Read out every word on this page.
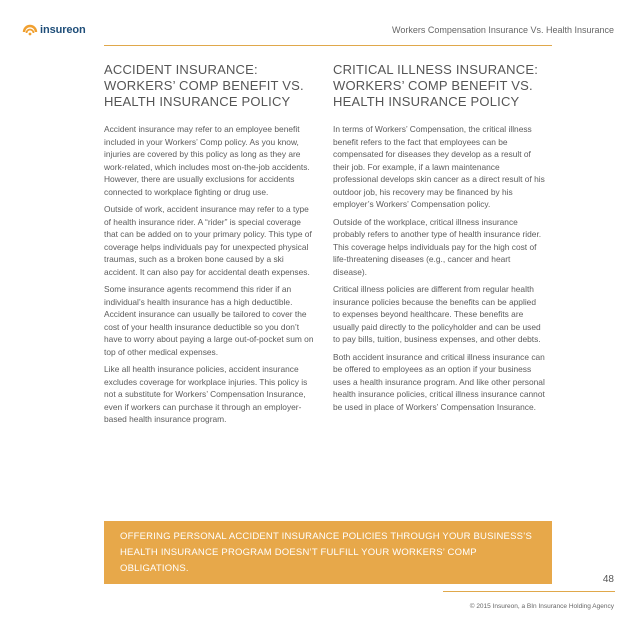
insureon	Workers Compensation Insurance Vs. Health Insurance
ACCIDENT INSURANCE: WORKERS’ COMP BENEFIT VS. HEALTH INSURANCE POLICY

Accident insurance may refer to an employee benefit included in your Workers’ Comp policy. As you know, injuries are covered by this policy as long as they are work-related, which includes most on-the-job accidents. However, there are usually exclusions for accidents connected to workplace fighting or drug use.

Outside of work, accident insurance may refer to a type of health insurance rider. A “rider” is special coverage that can be added on to your primary policy. This type of coverage helps individuals pay for unexpected physical traumas, such as a broken bone caused by a ski accident. It can also pay for accidental death expenses.

Some insurance agents recommend this rider if an individual’s health insurance has a high deductible. Accident insurance can usually be tailored to cover the cost of your health insurance deductible so you don’t have to worry about paying a large out-of-pocket sum on top of other medical expenses.

Like all health insurance policies, accident insurance excludes coverage for workplace injuries. This policy is not a substitute for Workers’ Compensation Insurance, even if workers can purchase it through an employer-based health insurance program.

CRITICAL ILLNESS INSURANCE: WORKERS’ COMP BENEFIT VS. HEALTH INSURANCE POLICY

In terms of Workers’ Compensation, the critical illness benefit refers to the fact that employees can be compensated for diseases they develop as a result of their job. For example, if a lawn maintenance professional develops skin cancer as a direct result of his outdoor job, his recovery may be financed by his employer’s Workers’ Compensation policy.

Outside of the workplace, critical illness insurance probably refers to another type of health insurance rider. This coverage helps individuals pay for the high cost of life-threatening diseases (e.g., cancer and heart disease).

Critical illness policies are different from regular health insurance policies because the benefits can be applied to expenses beyond healthcare. These benefits are usually paid directly to the policyholder and can be used to pay bills, tuition, business expenses, and other debts.

Both accident insurance and critical illness insurance can be offered to employees as an option if your business uses a health insurance program. And like other personal health insurance policies, critical illness insurance cannot be used in place of Workers’ Compensation Insurance.

OFFERING PERSONAL ACCIDENT INSURANCE POLICIES THROUGH YOUR BUSINESS’S HEALTH INSURANCE PROGRAM DOESN’T FULFILL YOUR WORKERS’ COMP OBLIGATIONS.
48
© 2015 Insureon, a BIn Insurance Holding Agency
